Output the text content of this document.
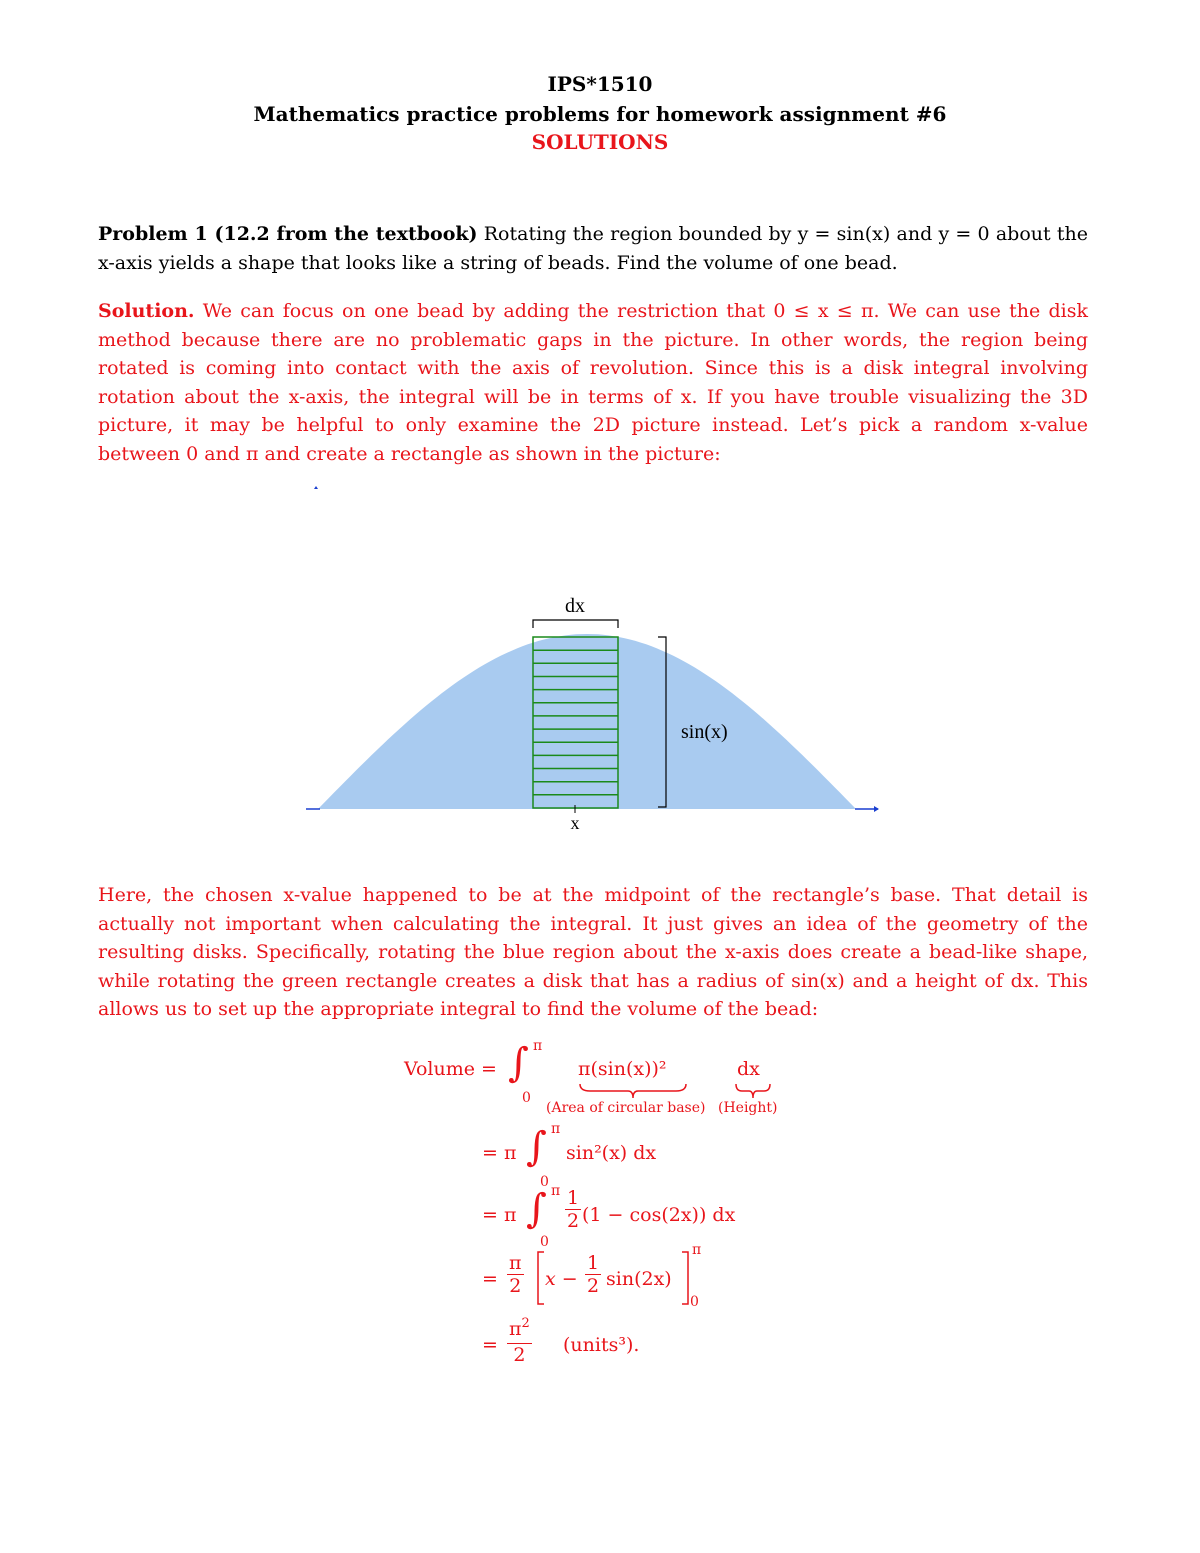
IPS*1510
Mathematics practice problems for homework assignment #6
SOLUTIONS
Problem 1 (12.2 from the textbook) Rotating the region bounded by y = sin(x) and y = 0 about the x-axis yields a shape that looks like a string of beads. Find the volume of one bead.
Solution. We can focus on one bead by adding the restriction that 0 ≤ x ≤ π. We can use the disk method because there are no problematic gaps in the picture. In other words, the region being rotated is coming into contact with the axis of revolution. Since this is a disk integral involving rotation about the x-axis, the integral will be in terms of x. If you have trouble visualizing the 3D picture, it may be helpful to only examine the 2D picture instead. Let’s pick a random x-value between 0 and π and create a rectangle as shown in the picture:
dx
sin(x)
x
Here, the chosen x-value happened to be at the midpoint of the rectangle’s base. That detail is actually not important when calculating the integral. It just gives an idea of the geometry of the resulting disks. Specifically, rotating the blue region about the x-axis does create a bead-like shape, while rotating the green rectangle creates a disk that has a radius of sin(x) and a height of dx. This allows us to set up the appropriate integral to find the volume of the bead:
Volume = ∫ π
0
π(sin(x))²	dx
(Area of circular base) (Height)
= π ∫ π
0
sin²(x) dx
= π ∫ π
0
$\frac{1}{2} (1 - \cos(2x))$ dx
= $\frac{\pi}{2}$ $x - \frac{1}{2} \sin(2x)$
π
0
= $\frac{\pi^2}{2}$ (units³).
